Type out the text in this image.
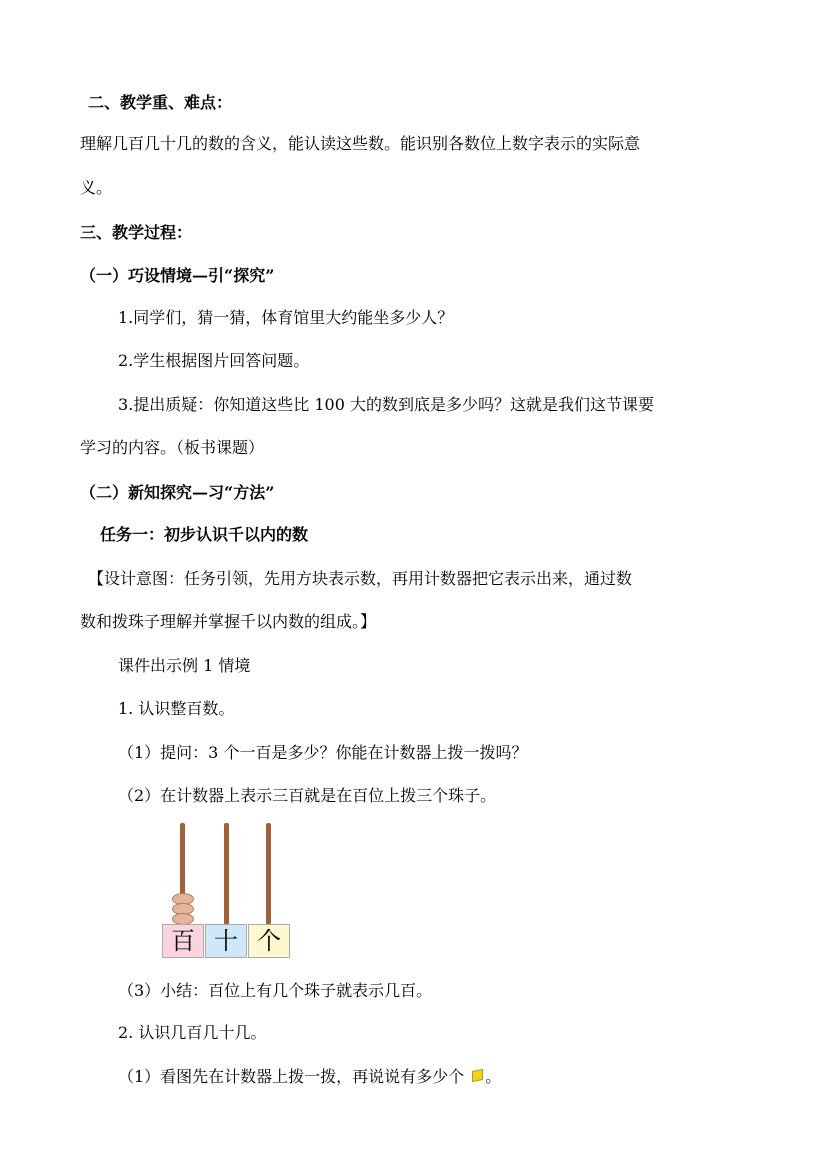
二、教学重、难点：
理解几百几十几的数的含义，能认读这些数。能识别各数位上数字表示的实际意
义。
三、教学过程：
（一）巧设情境—引“探究”
1.同学们，猜一猜，体育馆里大约能坐多少人？
2.学生根据图片回答问题。
3.提出质疑：你知道这些比 100 大的数到底是多少吗？这就是我们这节课要
学习的内容。（板书课题）
（二）新知探究—习“方法”
任务一：初步认识千以内的数
【设计意图：任务引领，先用方块表示数，再用计数器把它表示出来，通过数
数和拨珠子理解并掌握千以内数的组成。】
课件出示例 1 情境
1. 认识整百数。
（1）提问：3 个一百是多少？你能在计数器上拨一拨吗？
（2）在计数器上表示三百就是在百位上拨三个珠子。
百 十 个
（3）小结：百位上有几个珠子就表示几百。
2. 认识几百几十几。
（1）看图先在计数器上拨一拨，再说说有多少个 。
